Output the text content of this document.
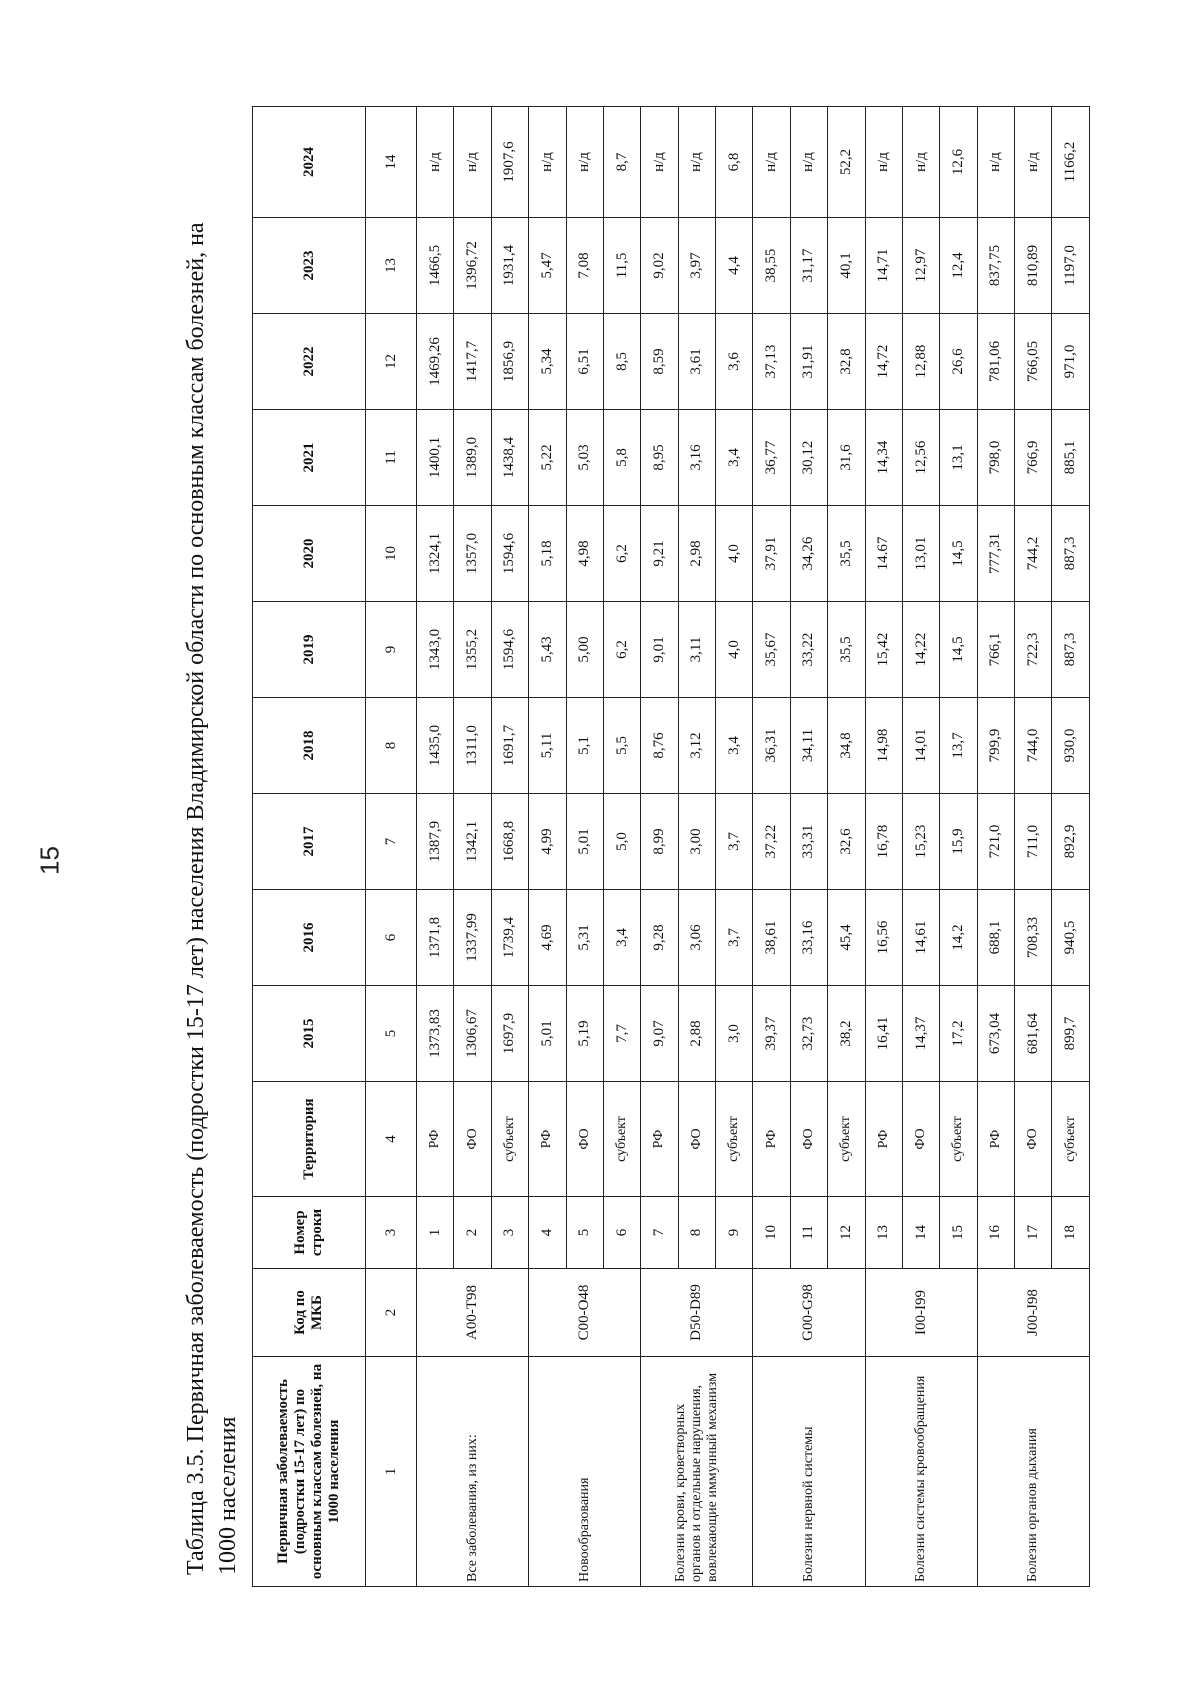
15	Таблица 3.5. Первичная заболеваемость (подростки 15-17 лет) населения Владимирской области по основным классам болезней, на 1000 населения Первичная заболеваемость (подростки 15-17 лет) по основным классам болезней, на 1000 населения	Код по МКБ	Номер строки	Территория	2015	2016	2017	2018	2019	2020	2021	2022	2023	2024
1	2	3	4	5	6	7	8	9	10	11	12	13	14
Все заболевания, из них:	A00-T98	1	РФ	1373,83	1371,8	1387,9	1435,0	1343,0	1324,1	1400,1	1469,26	1466,5	н/д
		2	ФО	1306,67	1337,99	1342,1	1311,0	1355,2	1357,0	1389,0	1417,7	1396,72	н/д
		3	субъект	1697,9	1739,4	1668,8	1691,7	1594,6	1594,6	1438,4	1856,9	1931,4	1907,6
Новообразования	C00-O48	4	РФ	5,01	4,69	4,99	5,11	5,43	5,18	5,22	5,34	5,47	н/д
		5	ФО	5,19	5,31	5,01	5,1	5,00	4,98	5,03	6,51	7,08	н/д
		6	субъект	7,7	3,4	5,0	5,5	6,2	6,2	5,8	8,5	11,5	8,7
Болезни крови, кроветворных органов и отдельные нарушения, вовлекающие иммунный механизм	D50-D89	7	РФ	9,07	9,28	8,99	8,76	9,01	9,21	8,95	8,59	9,02	н/д
		8	ФО	2,88	3,06	3,00	3,12	3,11	2,98	3,16	3,61	3,97	н/д
		9	субъект	3,0	3,7	3,7	3,4	4,0	4,0	3,4	3,6	4,4	6,8
Болезни нервной системы	G00-G98	10	РФ	39,37	38,61	37,22	36,31	35,67	37,91	36,77	37,13	38,55	н/д
		11	ФО	32,73	33,16	33,31	34,11	33,22	34,26	30,12	31,91	31,17	н/д
		12	субъект	38,2	45,4	32,6	34,8	35,5	35,5	31,6	32,8	40,1	52,2
Болезни системы кровообращения	I00-I99	13	РФ	16,41	16,56	16,78	14,98	15,42	14.67	14,34	14,72	14,71	н/д
		14	ФО	14,37	14,61	15,23	14,01	14,22	13,01	12,56	12,88	12,97	н/д
		15	субъект	17,2	14,2	15,9	13,7	14,5	14,5	13,1	26,6	12,4	12,6
Болезни органов дыхания	J00-J98	16	РФ	673,04	688,1	721,0	799,9	766,1	777,31	798,0	781,06	837,75	н/д
		17	ФО	681,64	708,33	711,0	744,0	722,3	744,2	766,9	766,05	810,89	н/д
		18	субъект	899,7	940,5	892,9	930,0	887,3	887,3	885,1	971,0	1197,0	1166,2
